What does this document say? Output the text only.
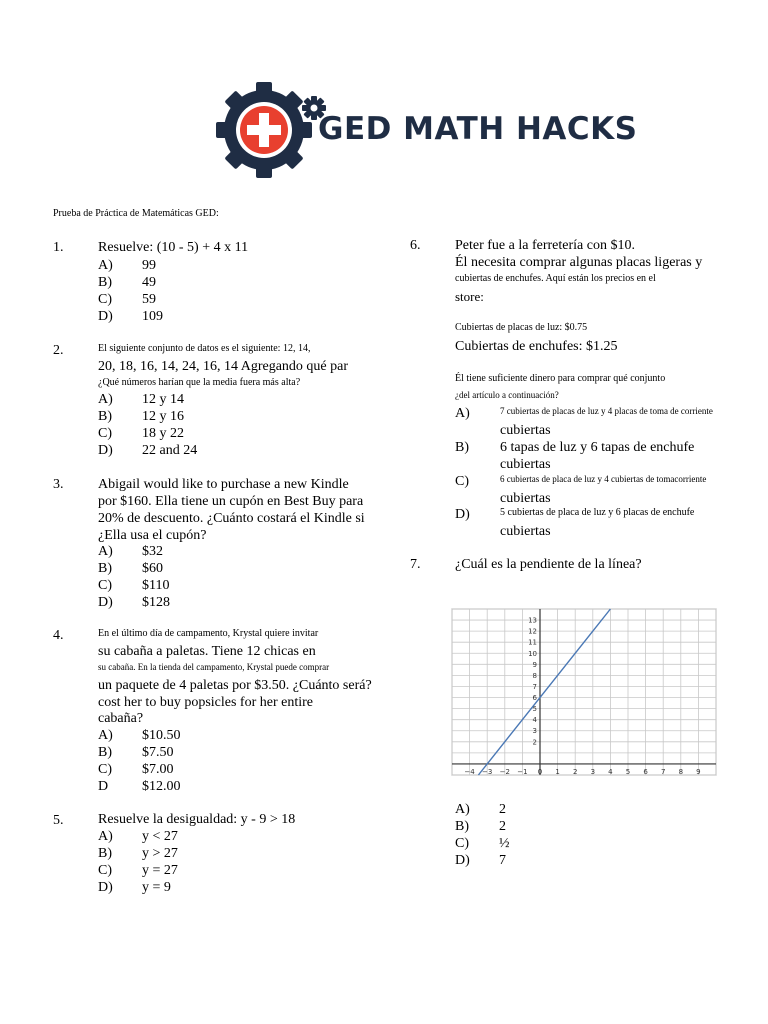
GED MATH HACKS
Prueba de Práctica de Matemáticas GED:
1. Resuelve: (10 - 5) + 4 x 11
A) 99
B) 49
C) 59
D) 109
2.	El siguiente conjunto de datos es el siguiente: 12, 14,
20, 18, 16, 14, 24, 16, 14 Agregando qué par
¿Qué números harían que la media fuera más alta?
A) 12 y 14
B) 12 y 16
C) 18 y 22
D) 22 and 24
3. Abigail would like to purchase a new Kindle
por $160. Ella tiene un cupón en Best Buy para
20% de descuento. ¿Cuánto costará el Kindle si
¿Ella usa el cupón?
A) $32
B) $60
C) $110
D) $128
4.	En el último día de campamento, Krystal quiere invitar
su cabaña a paletas. Tiene 12 chicas en
su cabaña. En la tienda del campamento, Krystal puede comprar
un paquete de 4 paletas por $3.50. ¿Cuánto será?
cost her to buy popsicles for her entire
cabaña?
A) $10.50
B) $7.50
C) $7.00
D $12.00
5. Resuelve la desigualdad: y - 9 > 18
A) y < 27
B) y > 27
C) y = 27
D) y = 9
6. Peter fue a la ferretería con $10.
Él necesita comprar algunas placas ligeras y
cubiertas de enchufes. Aquí están los precios en el
store:
Cubiertas de placas de luz: $0.75
Cubiertas de enchufes: $1.25
Él tiene suficiente dinero para comprar qué conjunto
¿del artículo a continuación?
A)	7 cubiertas de placas de luz y 4 placas de toma de corriente
cubiertas
B) 6 tapas de luz y 6 tapas de enchufe
cubiertas
C)	6 cubiertas de placa de luz y 4 cubiertas de tomacorriente
cubiertas
D)	5 cubiertas de placa de luz y 6 placas de enchufe
cubiertas
7. ¿Cuál es la pendiente de la línea?
−4 −3 −2 −1 0 1 2 3 4 5 6 7 8 9
2
3
4
5
6
7
8
9
10
11
12
13
A) 2
B) 2
C) ½
D) 7
